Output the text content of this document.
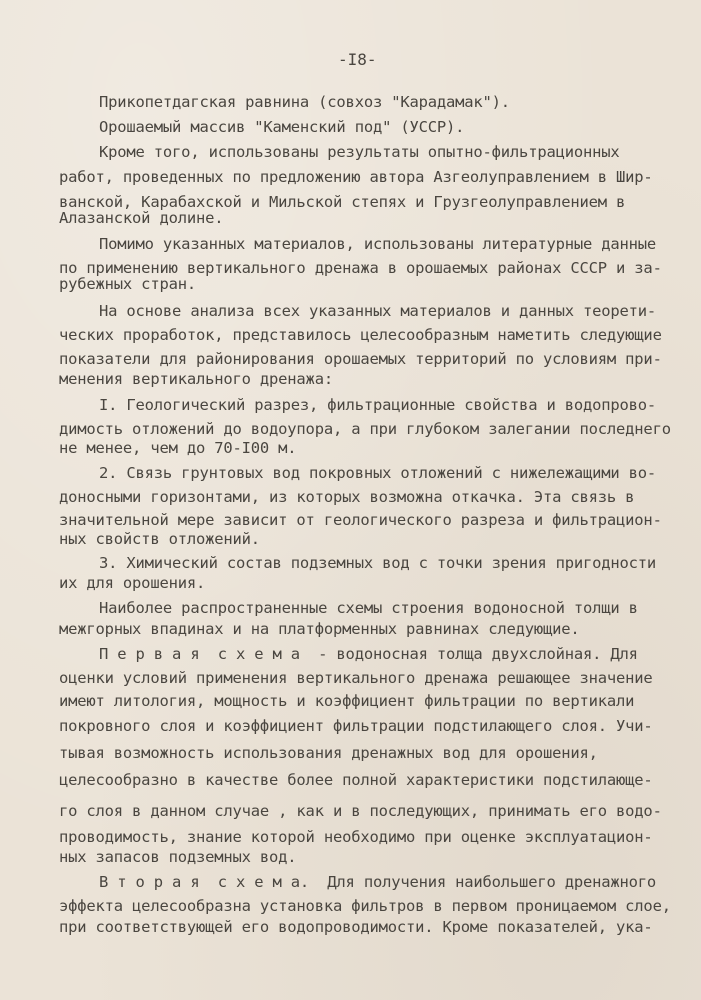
-I8-
Прикопетдагская равнина (совхоз "Карадамак").
Орошаемый массив "Каменский под" (УССР).
Кроме того, использованы результаты опытно-фильтрационных
работ, проведенных по предложению автора Азгеолуправлением в Шир-
ванской, Карабахской и Мильской степях и Грузгеолуправлением в
Алазанской долине.
Помимо указанных материалов, использованы литературные данные
по применению вертикального дренажа в орошаемых районах СССР и за-
рубежных стран.
На основе анализа всех указанных материалов и данных теорети-
ческих проработок, представилось целесообразным наметить следующие
показатели для районирования орошаемых территорий по условиям при-
менения вертикального дренажа:
I. Геологический разрез, фильтрационные свойства и водопрово-
димость отложений до водоупора, а при глубоком залегании последнего
не менее, чем до 70-I00 м.
2. Связь грунтовых вод покровных отложений с нижележащими во-
доносными горизонтами, из которых возможна откачка. Эта связь в
значительной мере зависит от геологического разреза и фильтрацион-
ных свойств отложений.
3. Химический состав подземных вод с точки зрения пригодности
их для орошения.
Наиболее распространенные схемы строения водоносной толщи в
межгорных впадинах и на платформенных равнинах следующие.
П е р в а я  с х е м а  - водоносная толща двухслойная. Для
оценки условий применения вертикального дренажа решающее значение
имеют литология, мощность и коэффициент фильтрации по вертикали
покровного слоя и коэффициент фильтрации подстилающего слоя. Учи-
тывая возможность использования дренажных вод для орошения,
целесообразно в качестве более полной характеристики подстилающе-
го слоя в данном случае , как и в последующих, принимать его водо-
проводимость, знание которой необходимо при оценке эксплуатацион-
ных запасов подземных вод.
В т о р а я  с х е м а.  Для получения наибольшего дренажного
эффекта целесообразна установка фильтров в первом проницаемом слое,
при соответствующей его водопроводимости. Кроме показателей, ука-
